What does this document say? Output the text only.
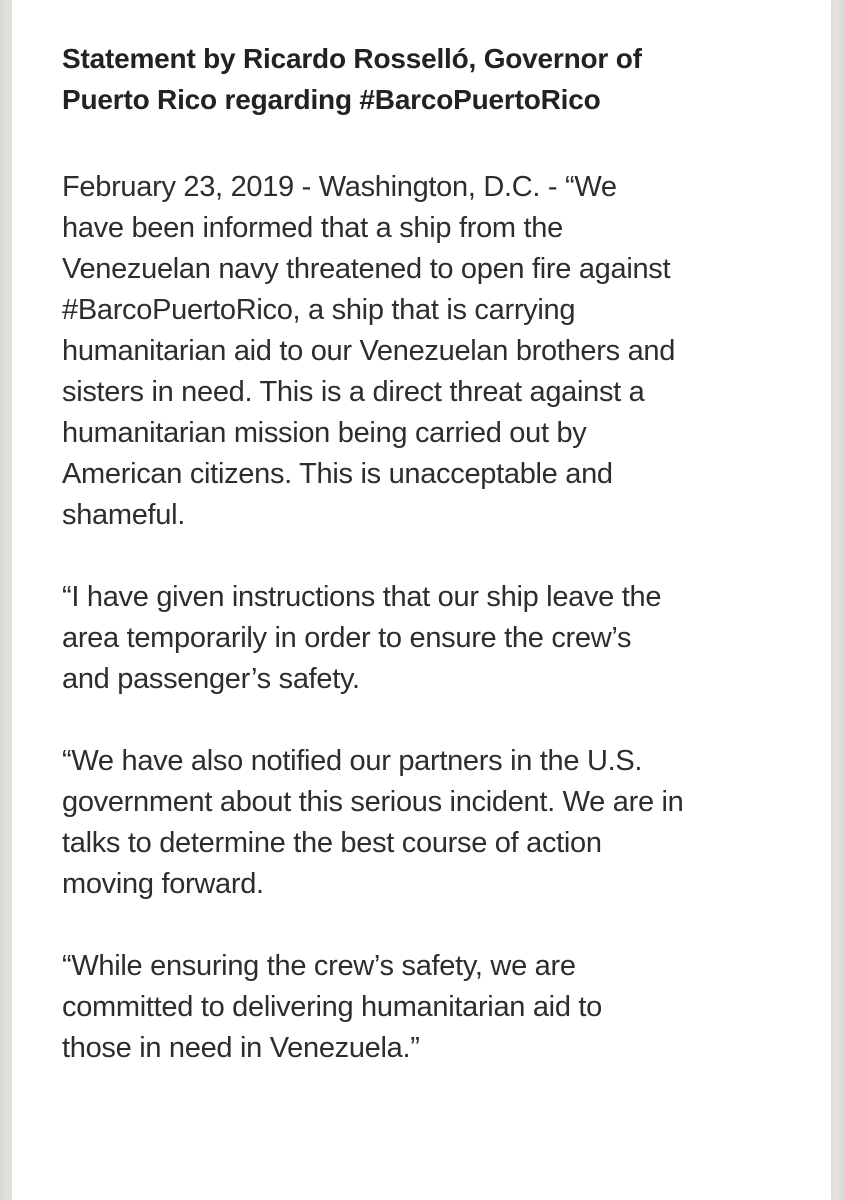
Statement by Ricardo Rosselló, Governor of
Puerto Rico regarding #BarcoPuertoRico

February 23, 2019 - Washington, D.C. - “We
have been informed that a ship from the
Venezuelan navy threatened to open fire against
#BarcoPuertoRico, a ship that is carrying
humanitarian aid to our Venezuelan brothers and
sisters in need. This is a direct threat against a
humanitarian mission being carried out by
American citizens. This is unacceptable and
shameful.

“I have given instructions that our ship leave the
area temporarily in order to ensure the crew’s
and passenger’s safety.

“We have also notified our partners in the U.S.
government about this serious incident. We are in
talks to determine the best course of action
moving forward.

“While ensuring the crew’s safety, we are
committed to delivering humanitarian aid to
those in need in Venezuela.”
